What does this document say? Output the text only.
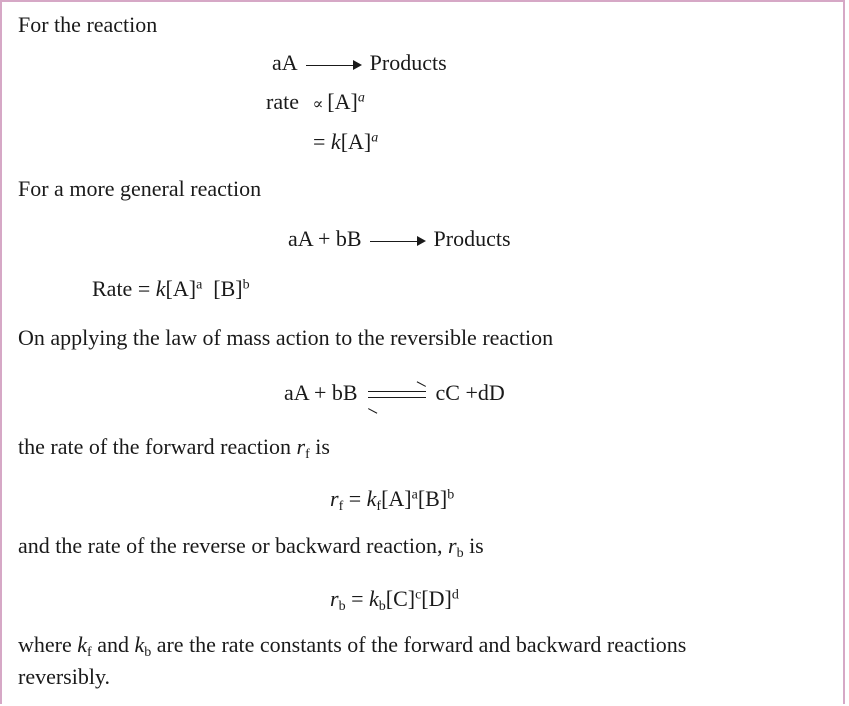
For the reaction
aA	Products
rate ∝ $[A]^a$
= $k[A]^a$
For a more general reaction
aA + bB	Products
Rate = $k[A]^a$  $[B]^b$
On applying the law of mass action to the reversible reaction
aA + bB	cC +dD
the rate of the forward reaction $r_f$ is
$r_f = k_f[A]^a[B]^b$
and the rate of the reverse or backward reaction, $r_b$ is
$r_b = k_b[C]^c[D]^d$
where $k_f$ and $k_b$ are the rate constants of the forward and backward reactions
reversibly.
